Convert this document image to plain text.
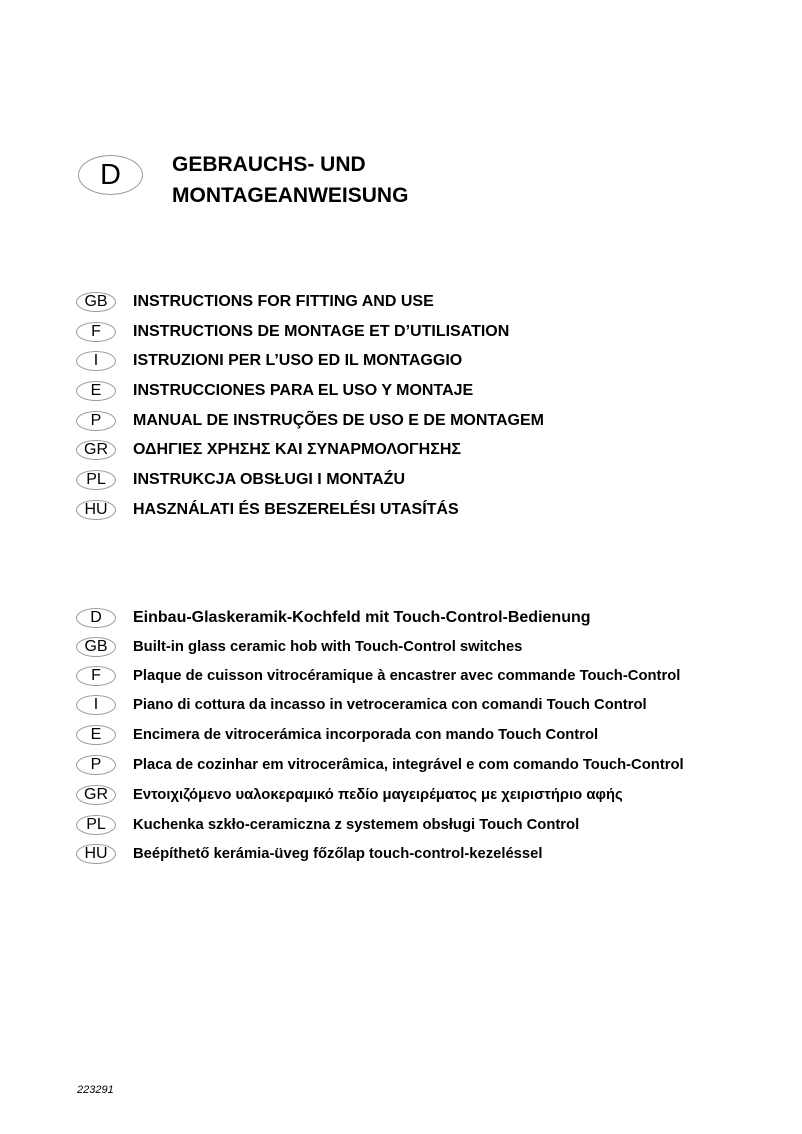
D	GEBRAUCHS- UND
MONTAGEANWEISUNG
GB	INSTRUCTIONS FOR FITTING AND USE
F	INSTRUCTIONS DE MONTAGE ET D’UTILISATION
I	ISTRUZIONI PER L’USO ED IL MONTAGGIO
E	INSTRUCCIONES PARA EL USO Y MONTAJE
P	MANUAL DE INSTRUÇÕES DE USO E DE MONTAGEM
GR	ΟΔΗΓΙΕΣ ΧΡΗΣΗΣ ΚΑΙ ΣΥΝΑΡΜΟΛΟΓΗΣΗΣ
PL	INSTRUKCJA OBSŁUGI I MONTAŹU
HU	HASZNÁLATI ÉS BESZERELÉSI UTASÍTÁS
D	Einbau-Glaskeramik-Kochfeld mit Touch-Control-Bedienung
GB	Built-in glass ceramic hob with Touch-Control switches
F	Plaque de cuisson vitrocéramique à encastrer avec commande Touch-Control
I	Piano di cottura da incasso in vetroceramica con comandi Touch Control
E	Encimera de vitrocerámica incorporada con mando Touch Control
P	Placa de cozinhar em vitrocerâmica, integrável e com comando Touch-Control
GR	Εντοιχιζόμενο υαλοκεραμικό πεδίο μαγειρέματος με χειριστήριο αφής
PL	Kuchenka szkło-ceramiczna z systemem obsługi Touch Control
HU	Beépíthető kerámia-üveg főzőlap touch-control-kezeléssel
223291
